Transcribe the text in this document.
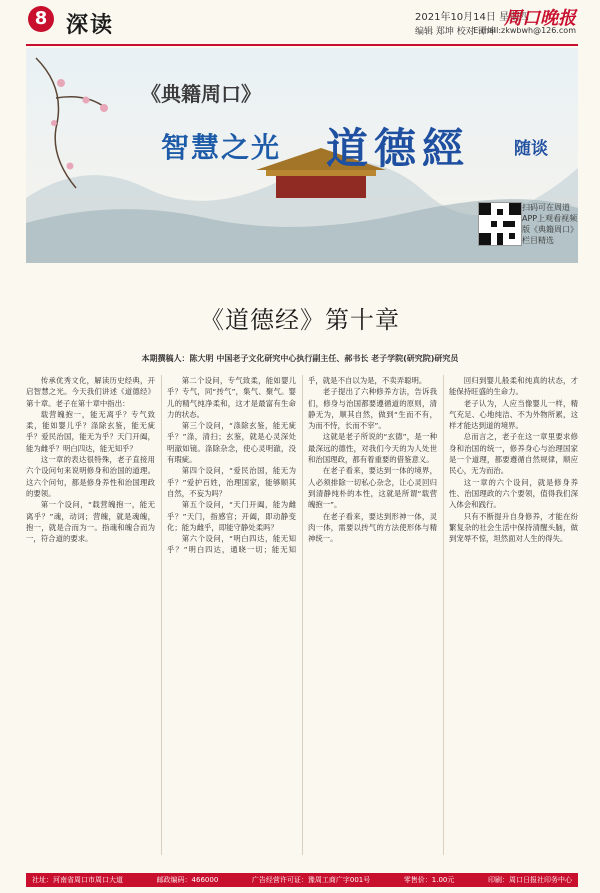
8 深读	2021年10月14日 星期四
编辑 郑坤 校对 谭坤
周口晚报
E-mail:zkwbwh@126.com
《典籍周口》
智慧之光 道德經	随谈
扫码可在周道APP上观看视频版《典籍周口》栏目精选
《道德经》第十章
本期撰稿人：陈大明 中国老子文化研究中心执行副主任、郝书长 老子学院(研究院)研究员

传承优秀文化，解读历史经典，开启智慧之光。今天我们讲述《道德经》第十章。老子在第十章中指出：

载营魄抱一，能无离乎？专气致柔，能如婴儿乎？涤除玄鉴，能无疵乎？爱民治国，能无为乎？天门开阖，能为雌乎？明白四达，能无知乎？

这一章的表达很特殊，老子直接用六个设问句来说明修身和治国的道理。这六个问句，都是修身养性和治国理政的要领。

第一个设问，“载营魄抱一，能无离乎？”魂，动词；营魄，就是魂魄，抱一，就是合而为一。指魂和魄合而为一，符合道的要求。

第二个设问，专气致柔，能如婴儿乎？专气，同“抟气”，集气、聚气。婴儿的精气纯净柔和，这才是最富有生命力的状态。

第三个设问，“涤除玄鉴，能无疵乎？”涤，清扫；玄鉴，就是心灵深处明澈如镜。涤除杂念，使心灵明澈，没有瑕疵。

第四个设问，“爱民治国，能无为乎？”爱护百姓，治理国家，能够顺其自然，不妄为吗？

第五个设问，“天门开阖，能为雌乎？”天门，指感官；开阖，即动静变化；能为雌乎，即能守静处柔吗？

第六个设问，“明白四达，能无知乎？”明白四达，通晓一切；能无知乎，就是不自以为是，不卖弄聪明。

老子提出了六种修养方法，告诉我们，修身与治国都要遵循道的原则，清静无为，顺其自然，做到“生而不有，为而不恃，长而不宰”。

这就是老子所说的“玄德”，是一种最深远的德性，对我们今天的为人处世和治国理政，都有着重要的借鉴意义。

在老子看来，要达到一体的境界，人必须排除一切私心杂念，让心灵回归到清静纯朴的本性，这就是所谓“载营魄抱一”。

在老子看来，要达到形神一体，灵肉一体，需要以抟气的方法使形体与精神统一。

回归到婴儿般柔和纯真的状态，才能保持旺盛的生命力。

老子认为，人应当像婴儿一样，精气充足、心地纯洁、不为外物所累，这样才能达到道的境界。

总而言之，老子在这一章里要求修身和治国的统一，修养身心与治理国家是一个道理，都要遵循自然规律，顺应民心，无为而治。

这一章的六个设问，就是修身养性、治国理政的六个要领，值得我们深入体会和践行。

只有不断提升自身修养，才能在纷繁复杂的社会生活中保持清醒头脑，做到宠辱不惊，坦然面对人生的得失。

社址：河南省周口市周口大道	邮政编码：466000	广告经营许可证：豫周工商广字001号	零售价：1.00元	印刷：周口日报社印务中心
